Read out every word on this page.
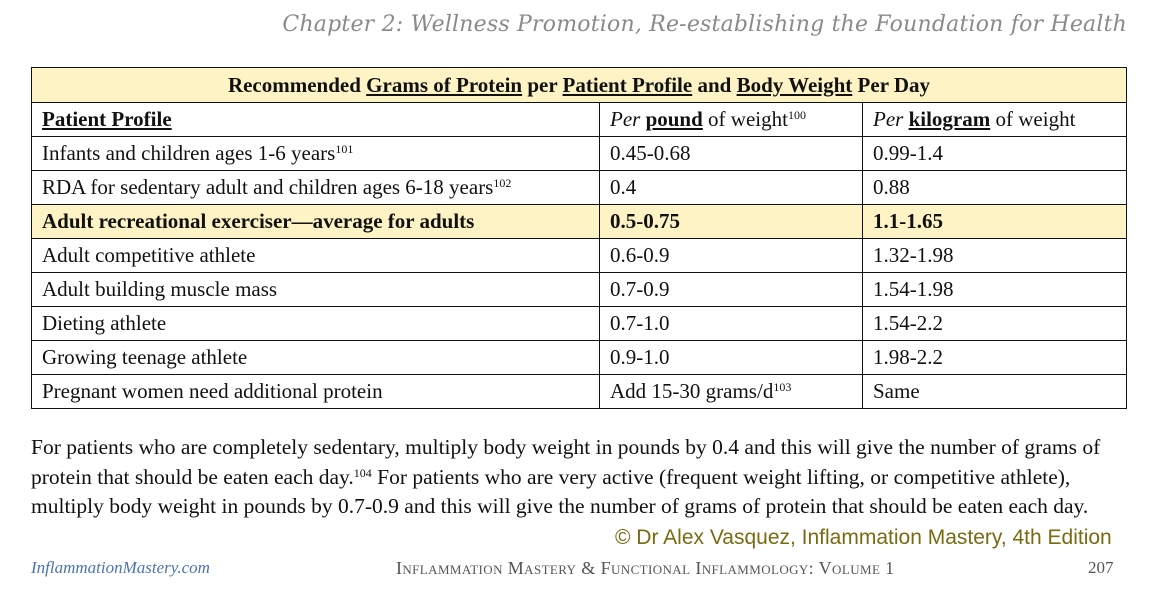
Chapter 2: Wellness Promotion, Re-establishing the Foundation for Health
Recommended Grams of Protein per Patient Profile and Body Weight Per Day		
Patient Profile	Per pound of weight$^{100}$	Per kilogram of weight
Infants and children ages 1-6 years$^{101}$	0.45-0.68	0.99-1.4
RDA for sedentary adult and children ages 6-18 years$^{102}$	0.4	0.88
Adult recreational exerciser—average for adults	0.5-0.75	1.1-1.65
Adult competitive athlete	0.6-0.9	1.32-1.98
Adult building muscle mass	0.7-0.9	1.54-1.98
Dieting athlete	0.7-1.0	1.54-2.2
Growing teenage athlete	0.9-1.0	1.98-2.2
Pregnant women need additional protein	Add 15-30 grams/$d^{103}$	Same
For patients who are completely sedentary, multiply body weight in pounds by 0.4 and this will give the number of grams of protein that should be eaten each day.$^{104}$ For patients who are very active (frequent weight lifting, or competitive athlete), multiply body weight in pounds by 0.7-0.9 and this will give the number of grams of protein that should be eaten each day.
© Dr Alex Vasquez, Inflammation Mastery, 4th Edition
InflammationMastery.com	Inflammation Mastery & Functional Inflammology: Volume 1	207
